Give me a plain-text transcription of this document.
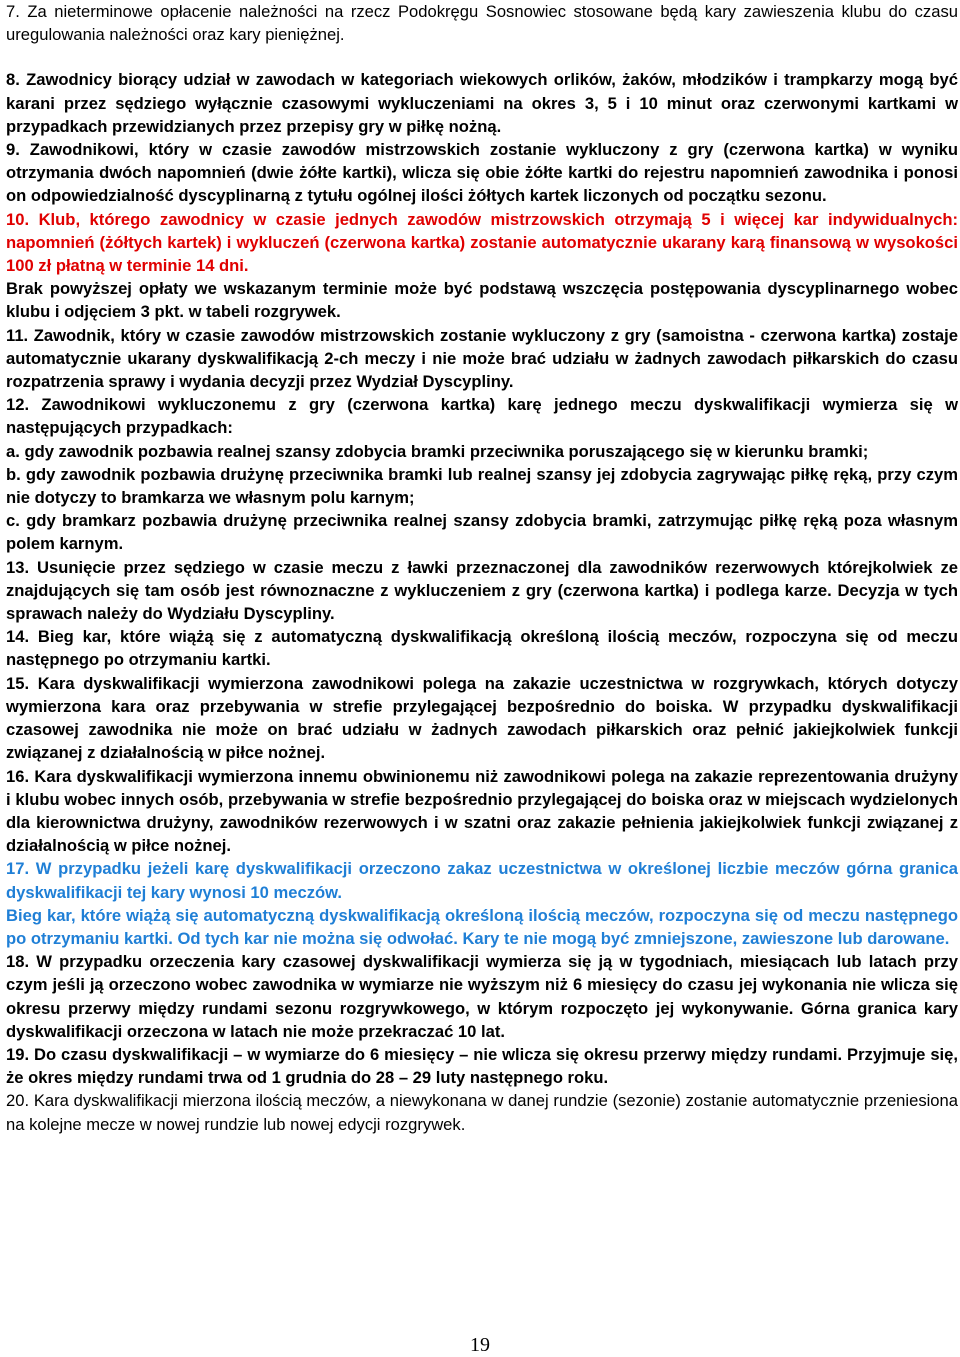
7. Za nieterminowe opłacenie należności na rzecz Podokręgu Sosnowiec stosowane będą kary zawieszenia klubu do czasu uregulowania należności oraz kary pieniężnej.

8. Zawodnicy biorący udział w zawodach w kategoriach wiekowych orlików, żaków, młodzików i trampkarzy mogą być karani przez sędziego wyłącznie czasowymi wykluczeniami na okres 3, 5 i 10 minut oraz czerwonymi kartkami w przypadkach przewidzianych przez przepisy gry w piłkę nożną.

9. Zawodnikowi, który w czasie zawodów mistrzowskich zostanie wykluczony z gry (czerwona kartka) w wyniku otrzymania dwóch napomnień (dwie żółte kartki), wlicza się obie żółte kartki do rejestru napomnień zawodnika i ponosi on odpowiedzialność dyscyplinarną z tytułu ogólnej ilości żółtych kartek liczonych od początku sezonu.

10. Klub, którego zawodnicy w czasie jednych zawodów mistrzowskich otrzymają 5 i więcej kar indywidualnych: napomnień (żółtych kartek) i wykluczeń (czerwona kartka) zostanie automatycznie ukarany karą finansową w wysokości 100 zł płatną w terminie 14 dni.

Brak powyższej opłaty we wskazanym terminie może być podstawą wszczęcia postępowania dyscyplinarnego wobec klubu i odjęciem 3 pkt. w tabeli rozgrywek.

11. Zawodnik, który w czasie zawodów mistrzowskich zostanie wykluczony z gry (samoistna - czerwona kartka) zostaje automatycznie ukarany dyskwalifikacją 2-ch meczy i nie może brać udziału w żadnych zawodach piłkarskich do czasu rozpatrzenia sprawy i wydania decyzji przez Wydział Dyscypliny.

12. Zawodnikowi wykluczonemu z gry (czerwona kartka) karę jednego meczu dyskwalifikacji wymierza się w następujących przypadkach:

a. gdy zawodnik pozbawia realnej szansy zdobycia bramki przeciwnika poruszającego się w kierunku bramki;

b. gdy zawodnik pozbawia drużynę przeciwnika bramki lub realnej szansy jej zdobycia zagrywając piłkę ręką, przy czym nie dotyczy to bramkarza we własnym polu karnym;

c. gdy bramkarz pozbawia drużynę przeciwnika realnej szansy zdobycia bramki, zatrzymując piłkę ręką poza własnym polem karnym.

13. Usunięcie przez sędziego w czasie meczu z ławki przeznaczonej dla zawodników rezerwowych którejkolwiek ze znajdujących się tam osób jest równoznaczne z wykluczeniem z gry (czerwona kartka) i podlega karze. Decyzja w tych sprawach należy do Wydziału Dyscypliny.

14. Bieg kar, które wiążą się z automatyczną dyskwalifikacją określoną ilością meczów, rozpoczyna się od meczu następnego po otrzymaniu kartki.

15. Kara dyskwalifikacji wymierzona zawodnikowi polega na zakazie uczestnictwa w rozgrywkach, których dotyczy wymierzona kara oraz przebywania w strefie przylegającej bezpośrednio do boiska. W przypadku dyskwalifikacji czasowej zawodnika nie może on brać udziału w żadnych zawodach piłkarskich oraz pełnić jakiejkolwiek funkcji związanej z działalnością w piłce nożnej.

16. Kara dyskwalifikacji wymierzona innemu obwinionemu niż zawodnikowi polega na zakazie reprezentowania drużyny i klubu wobec innych osób, przebywania w strefie bezpośrednio przylegającej do boiska oraz w miejscach wydzielonych dla kierownictwa drużyny, zawodników rezerwowych i w szatni oraz zakazie pełnienia jakiejkolwiek funkcji związanej z działalnością w piłce nożnej.

17. W przypadku jeżeli karę dyskwalifikacji orzeczono zakaz uczestnictwa w określonej liczbie meczów górna granica dyskwalifikacji tej kary wynosi 10 meczów.

Bieg kar, które wiążą się automatyczną dyskwalifikacją określoną ilością meczów, rozpoczyna się od meczu następnego po otrzymaniu kartki. Od tych kar nie można się odwołać. Kary te nie mogą być zmniejszone, zawieszone lub darowane.

18. W przypadku orzeczenia kary czasowej dyskwalifikacji wymierza się ją w tygodniach, miesiącach lub latach przy czym jeśli ją orzeczono wobec zawodnika w wymiarze nie wyższym niż 6 miesięcy do czasu jej wykonania nie wlicza się okresu przerwy między rundami sezonu rozgrywkowego, w którym rozpoczęto jej wykonywanie. Górna granica kary dyskwalifikacji orzeczona w latach nie może przekraczać 10 lat.

19. Do czasu dyskwalifikacji – w wymiarze do 6 miesięcy – nie wlicza się okresu przerwy między rundami. Przyjmuje się, że okres między rundami trwa od 1 grudnia do 28 – 29 luty następnego roku.

20. Kara dyskwalifikacji mierzona ilością meczów, a niewykonana w danej rundzie (sezonie) zostanie automatycznie przeniesiona na kolejne mecze w nowej rundzie lub nowej edycji rozgrywek.

19
